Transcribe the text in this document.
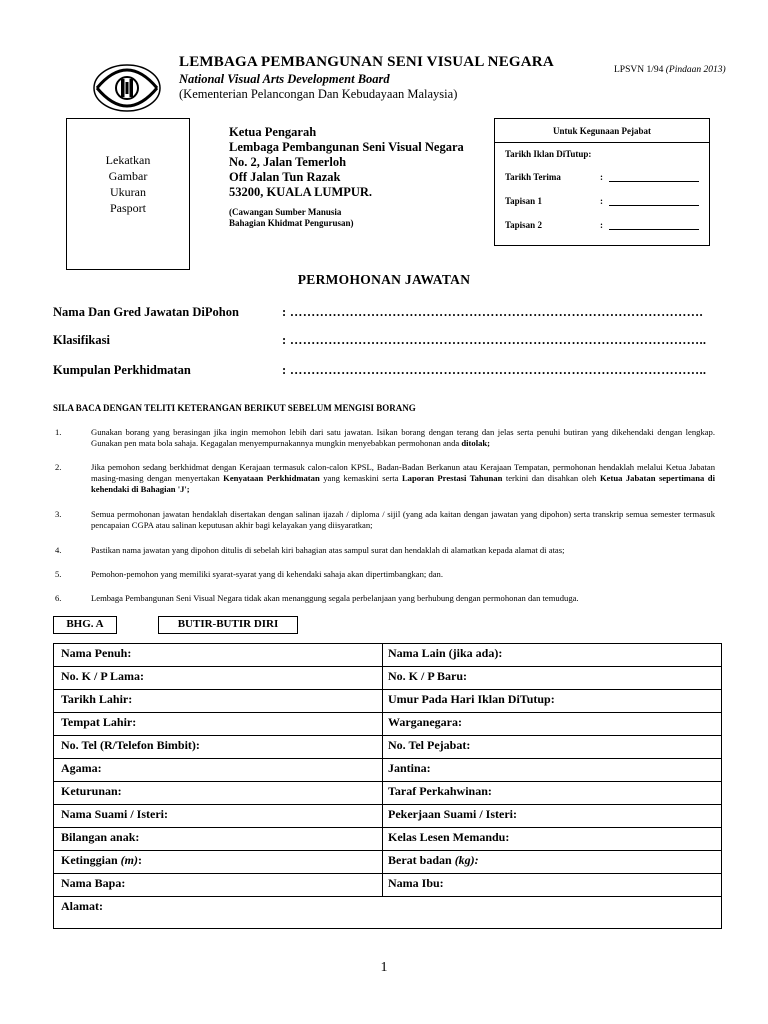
LEMBAGA PEMBANGUNAN SENI VISUAL NEGARA
National Visual Arts Development Board
(Kementerian Pelancongan Dan Kebudayaan Malaysia)
LPSVN 1/94 (Pindaan 2013)
Lekatkan
Gambar
Ukuran
Pasport
Ketua Pengarah
Lembaga Pembangunan Seni Visual Negara
No. 2, Jalan Temerloh
Off Jalan Tun Razak
53200, KUALA LUMPUR.
(Cawangan Sumber Manusia
Bahagian Khidmat Pengurusan)
Untuk Kegunaan Pejabat
Tarikh Iklan DiTutup:
Tarikh Terima	:
Tapisan 1	:
Tapisan 2	:
PERMOHONAN JAWATAN
Nama Dan Gred Jawatan DiPohon	: …………………………………………………………………………………….
Klasifikasi	: ……………………………………………………………………………………..
Kumpulan Perkhidmatan	: ……………………………………………………………………………………..
SILA BACA DENGAN TELITI KETERANGAN BERIKUT SEBELUM MENGISI BORANG
1.	Gunakan borang yang berasingan jika ingin memohon lebih dari satu jawatan. Isikan borang dengan terang dan jelas serta penuhi butiran yang dikehendaki dengan lengkap. Gunakan pen mata bola sahaja. Kegagalan menyempurnakannya mungkin menyebabkan permohonan anda ditolak;
2.	Jika pemohon sedang berkhidmat dengan Kerajaan termasuk calon-calon KPSL, Badan-Badan Berkanun atau Kerajaan Tempatan, permohonan hendaklah melalui Ketua Jabatan masing-masing dengan menyertakan Kenyataan Perkhidmatan yang kemaskini serta Laporan Prestasi Tahunan terkini dan disahkan oleh Ketua Jabatan sepertimana di kehendaki di Bahagian 'J';
3.	Semua permohonan jawatan hendaklah disertakan dengan salinan ijazah / diploma / sijil (yang ada kaitan dengan jawatan yang dipohon) serta transkrip semua semester termasuk pencapaian CGPA atau salinan keputusan akhir bagi kelayakan yang diisyaratkan;
4.	Pastikan nama jawatan yang dipohon ditulis di sebelah kiri bahagian atas sampul surat dan hendaklah di alamatkan kepada alamat di atas;
5.	Pemohon-pemohon yang memiliki syarat-syarat yang di kehendaki sahaja akan dipertimbangkan; dan.
6.	Lembaga Pembangunan Seni Visual Negara tidak akan menanggung segala perbelanjaan yang berhubung dengan permohonan dan temuduga.
BHG. A	BUTIR-BUTIR DIRI
Nama Penuh:	Nama Lain (jika ada):
No. K / P Lama:	No. K / P Baru:
Tarikh Lahir:	Umur Pada Hari Iklan DiTutup:
Tempat Lahir:	Warganegara:
No. Tel (R/Telefon Bimbit):	No. Tel Pejabat:
Agama:	Jantina:
Keturunan:	Taraf Perkahwinan:
Nama Suami / Isteri:	Pekerjaan Suami / Isteri:
Bilangan anak:	Kelas Lesen Memandu:
Ketinggian (m):	Berat badan (kg):
Nama Bapa:	Nama Ibu:
Alamat:
1
